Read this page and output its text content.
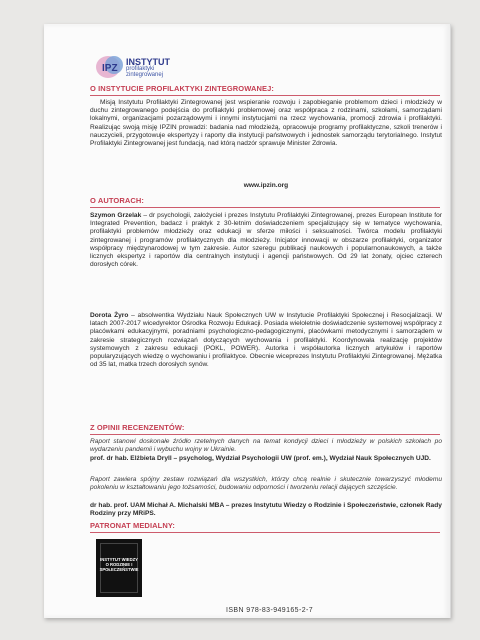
IPZ
INSTYTUT
profilaktyki
zintegrowanej
O INSTYTUCIE PROFILAKTYKI ZINTEGROWANEJ:
Misją Instytutu Profilaktyki Zintegrowanej jest wspieranie rozwoju i zapobieganie problemom dzieci i młodzieży w duchu zintegrowanego podejścia do profilaktyki problemowej oraz współpraca z rodzinami, szkołami, samorządami lokalnymi, organizacjami pozarządowymi i innymi instytucjami na rzecz wychowania, promocji zdrowia i profilaktyki. Realizując swoją misję IPZIN prowadzi: badania nad młodzieżą, opracowuje programy profilaktyczne, szkoli trenerów i nauczycieli, przygotowuje ekspertyzy i raporty dla instytucji państwowych i jednostek samorządu terytorialnego. Instytut Profilaktyki Zintegrowanej jest fundacją, nad którą nadzór sprawuje Minister Zdrowia.
www.ipzin.org
O AUTORACH:
Szymon Grzelak – dr psychologii, założyciel i prezes Instytutu Profilaktyki Zintegrowanej, prezes European Institute for Integrated Prevention, badacz i praktyk z 30-letnim doświadczeniem specjalizujący się w tematyce wychowania, profilaktyki problemów młodzieży oraz edukacji w sferze miłości i seksualności. Twórca modelu profilaktyki zintegrowanej i programów profilaktycznych dla młodzieży. Inicjator innowacji w obszarze profilaktyki, organizator współpracy międzynarodowej w tym zakresie. Autor szeregu publikacji naukowych i popularnonaukowych, a także licznych ekspertyz i raportów dla centralnych instytucji i agencji państwowych. Od 29 lat żonaty, ojciec czterech dorosłych córek.
Dorota Żyro – absolwentka Wydziału Nauk Społecznych UW w Instytucie Profilaktyki Społecznej i Resocjalizacji. W latach 2007-2017 wicedyrektor Ośrodka Rozwoju Edukacji. Posiada wieloletnie doświadczenie systemowej współpracy z placówkami edukacyjnymi, poradniami psychologiczno-pedagogicznymi, placówkami metodycznymi i samorządem w zakresie strategicznych rozwiązań dotyczących wychowania i profilaktyki. Koordynowała realizację projektów systemowych z zakresu edukacji (POKL, POWER). Autorka i współautorka licznych artykułów i raportów popularyzujących wiedzę o wychowaniu i profilaktyce. Obecnie wiceprezes Instytutu Profilaktyki Zintegrowanej. Mężatka od 35 lat, matka trzech dorosłych synów.
Z OPINII RECENZENTÓW:
Raport stanowi doskonałe źródło rzetelnych danych na temat kondycji dzieci i młodzieży w polskich szkołach po wydarzeniu pandemii i wybuchu wojny w Ukrainie.
prof. dr hab. Elżbieta Dryll – psycholog, Wydział Psychologii UW (prof. em.), Wydział Nauk Społecznych UJD.
Raport zawiera spójny zestaw rozwiązań dla wszystkich, którzy chcą realnie i skutecznie towarzyszyć młodemu pokoleniu w kształtowaniu jego tożsamości, budowaniu odporności i tworzeniu relacji dających szczęście.
dr hab. prof. UAM Michał A. Michalski MBA – prezes Instytutu Wiedzy o Rodzinie i Społeczeństwie, członek Rady Rodziny przy MRiPS.
PATRONAT MEDIALNY:
INSTYTUT WIEDZY O RODZINIE I SPOŁECZEŃSTWIE
ISBN 978-83-949165-2-7
